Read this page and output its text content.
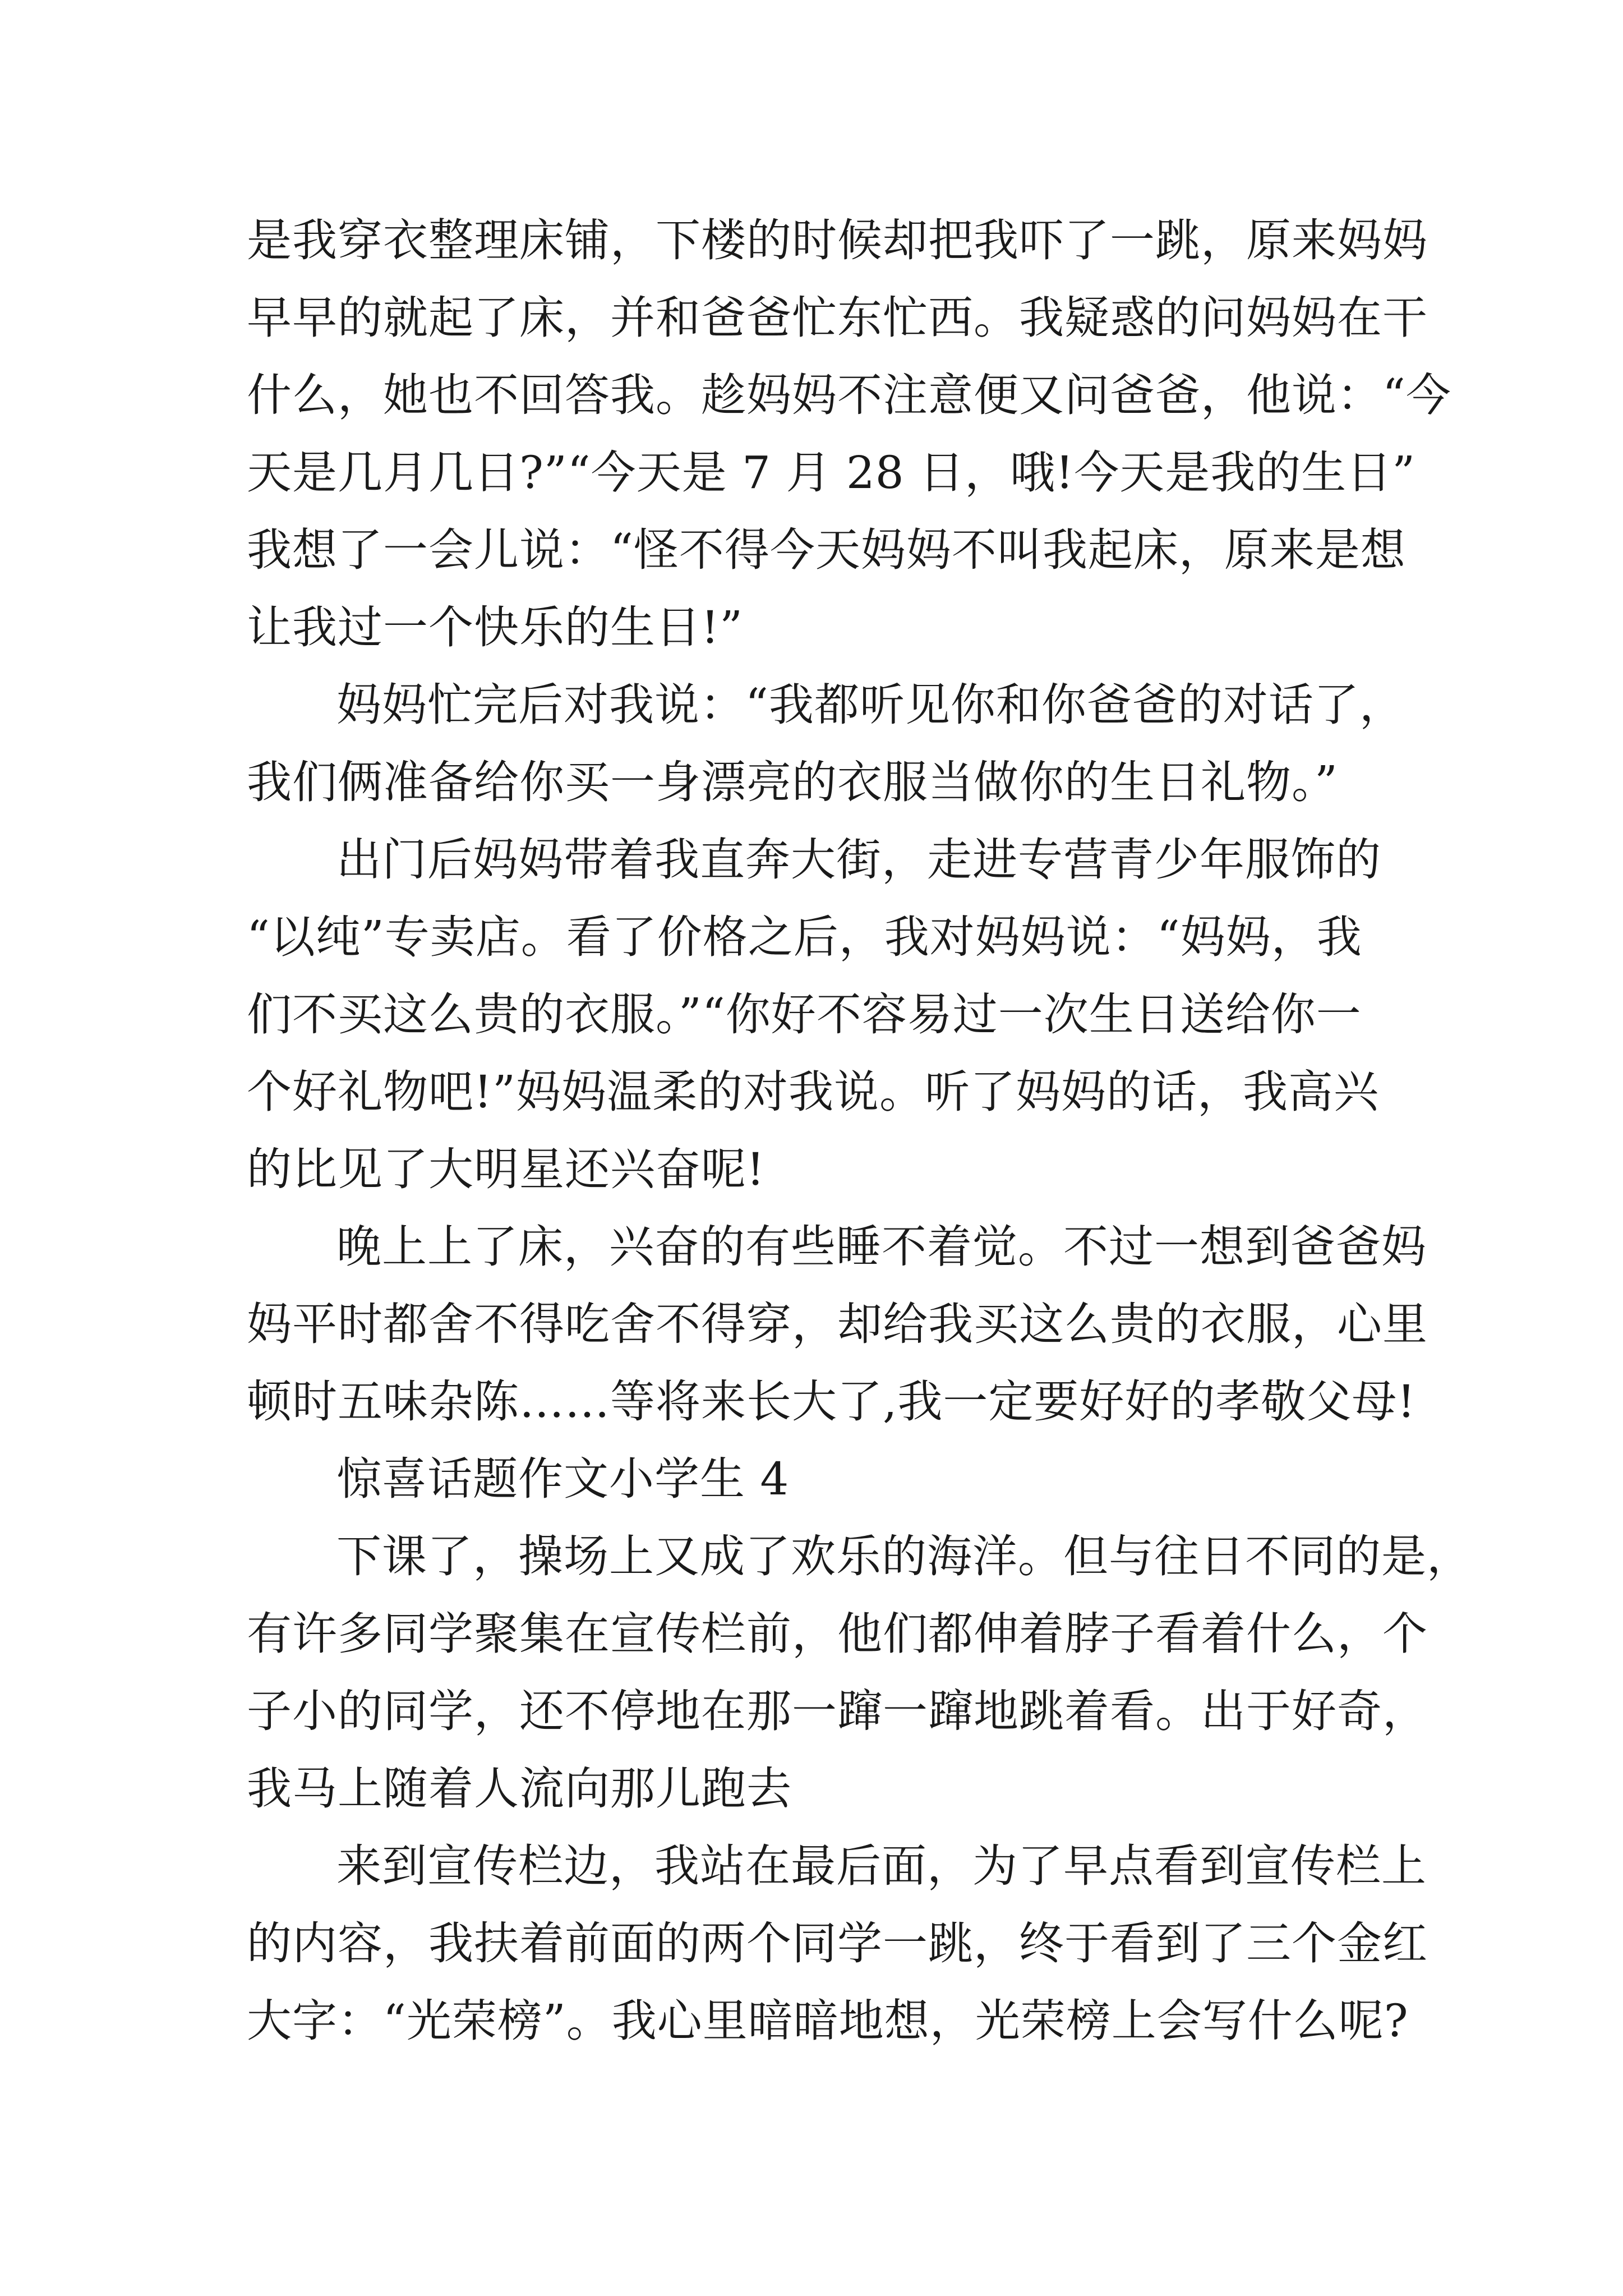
是我穿衣整理床铺，下楼的时候却把我吓了一跳，原来妈妈
早早的就起了床，并和爸爸忙东忙西。我疑惑的问妈妈在干
什么，她也不回答我。趁妈妈不注意便又问爸爸，他说：“今
天是几月几日?”“今天是 7 月 28 日，哦!今天是我的生日”
我想了一会儿说：“怪不得今天妈妈不叫我起床，原来是想
让我过一个快乐的生日!”
妈妈忙完后对我说：“我都听见你和你爸爸的对话了，
我们俩准备给你买一身漂亮的衣服当做你的生日礼物。”
出门后妈妈带着我直奔大街，走进专营青少年服饰的
“以纯”专卖店。看了价格之后，我对妈妈说：“妈妈，我
们不买这么贵的衣服。”“你好不容易过一次生日送给你一
个好礼物吧!”妈妈温柔的对我说。听了妈妈的话，我高兴
的比见了大明星还兴奋呢!
晚上上了床，兴奋的有些睡不着觉。不过一想到爸爸妈
妈平时都舍不得吃舍不得穿，却给我买这么贵的衣服，心里
顿时五味杂陈……等将来长大了,我一定要好好的孝敬父母!
惊喜话题作文小学生 4
下课了，操场上又成了欢乐的海洋。但与往日不同的是，
有许多同学聚集在宣传栏前，他们都伸着脖子看着什么，个
子小的同学，还不停地在那一蹿一蹿地跳着看。出于好奇，
我马上随着人流向那儿跑去
来到宣传栏边，我站在最后面，为了早点看到宣传栏上
的内容，我扶着前面的两个同学一跳，终于看到了三个金红
大字：“光荣榜”。我心里暗暗地想，光荣榜上会写什么呢?
